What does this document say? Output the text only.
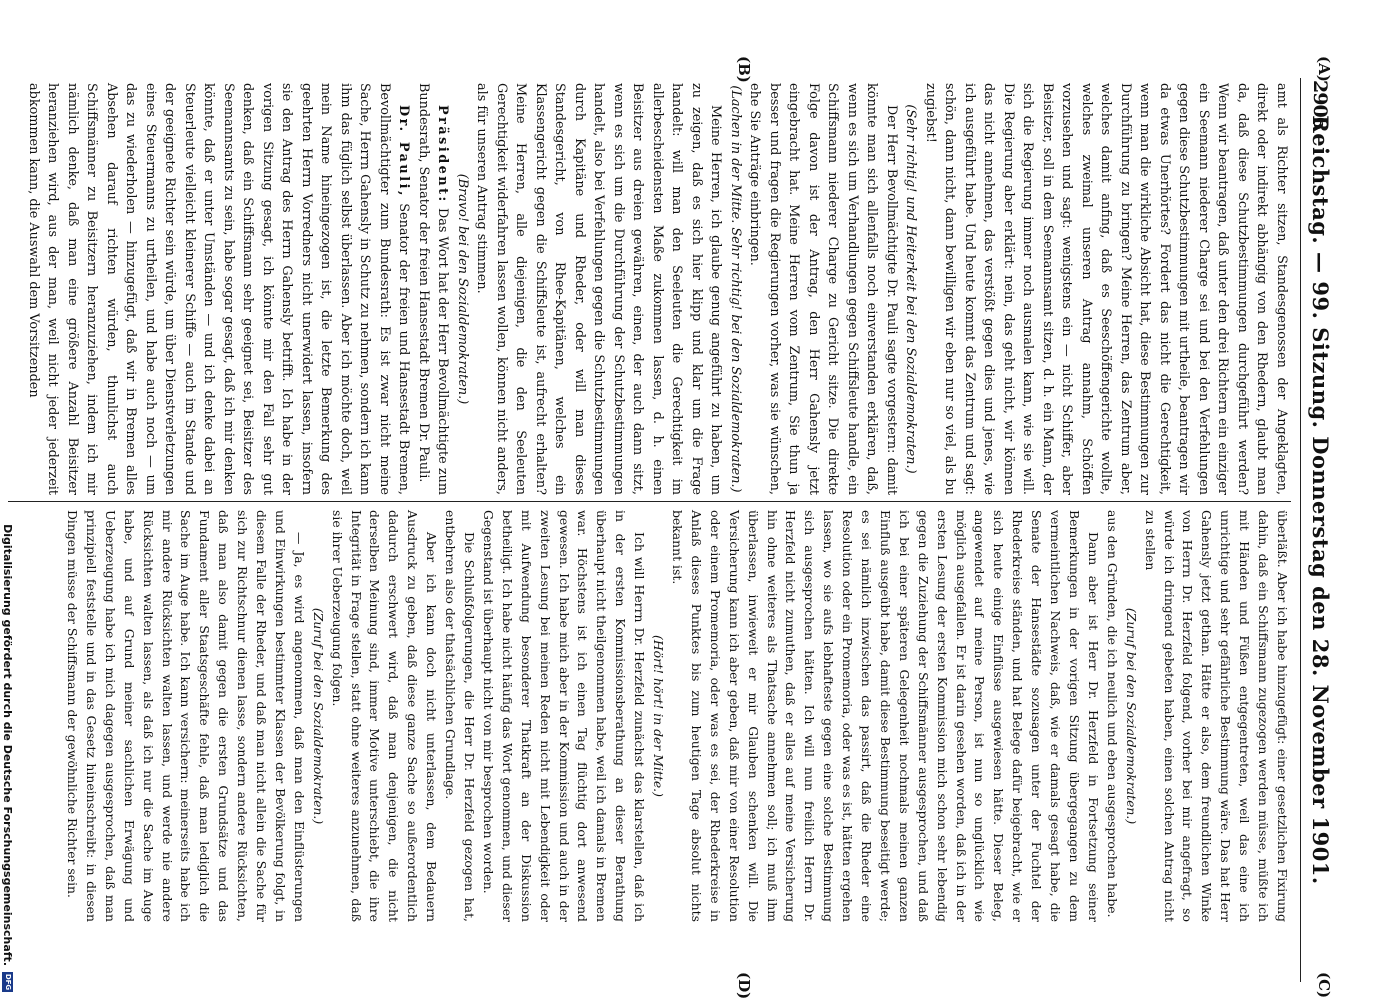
2906
Reichstag. — 99. Sitzung. Donnerstag den 28. November 1901.
(A)
(B)
(C)
(D)

amt als Richter sitzen, Standesgenossen der Angeklagten, direkt oder indirekt abhängig von den Rhedern, glaubt man da, daß diese Schutzbestimmungen durchgeführt werden? Wenn wir beantragen, daß unter den drei Richtern ein einziger ein Seemann niederer Charge sei und bei den Verfehlungen gegen diese Schutzbestimmungen mit urtheile, beantragen wir da etwas Unerhörtes? Fordert das nicht die Gerechtigkeit, wenn man die wirkliche Absicht hat, diese Bestimmungen zur Durchführung zu bringen? Meine Herren, das Zentrum aber, welches damit anfing, daß es Seeschöffengerichte wollte, welches zweimal unseren Antrag annahm, Schöffen vorzusehen und sagt: wenigstens ein — nicht Schiffer, aber Beisitzer, soll in dem Seemannsamt sitzen, d. h. ein Mann, der sich die Regierung immer noch ausmalen kann, wie sie will. Die Regierung aber erklärt: nein, das geht nicht, wir können das nicht annehmen, das verstößt gegen dies und jenes, wie ich ausgeführt habe. Und heute kommt das Zentrum und sagt: schön, dann nicht, dann bewilligen wir eben nur so viel, als bu zugiebst!

(Sehr richtig! und Heiterkeit bei den Sozialdemokraten.)

Der Herr Bevollmächtigte Dr. Pauli sagte vorgestern: damit könnte man sich allenfalls noch einverstanden erklären, daß, wenn es sich um Verhandlungen gegen Schiffsleute handle, ein Schiffsmann niederer Charge zu Gericht sitze. Die direkte Folge davon ist der Antrag, den Herr Gahensly jetzt eingebracht hat. Meine Herren vom Zentrum, Sie thun ja besser und fragen die Regierungen vorher, was sie wünschen, ehe Sie Anträge einbringen.

(Lachen in der Mitte. Sehr richtig! bei den Sozialdemokraten.)

Meine Herren, ich glaube genug angeführt zu haben, um zu zeigen, daß es sich hier klipp und klar um die Frage handelt: will man den Seeleuten die Gerechtigkeit im allerbescheidensten Maße zukommen lassen, d. h. einen Beisitzer aus dreien gewähren, einen, der auch dann sitzt, wenn es sich um die Durchführung der Schutzbestimmungen handelt, also bei Verfehlungen gegen die Schutzbestimmungen durch Kapitäne und Rheder, oder will man dieses Standesgericht, von Rhee-Kapitänen, welches ein Klassengericht gegen die Schiffsleute ist, aufrecht erhalten? Meine Herren, alle diejenigen, die den Seeleuten Gerechtigkeit widerfahren lassen wollen, können nicht anders, als für unseren Antrag stimmen.

(Bravo! bei den Sozialdemokraten.)

Präsident: Das Wort hat der Herr Bevollmächtigte zum Bundesrath, Senator der freien Hansestadt Bremen Dr. Pauli.

Dr. Pauli, Senator der freien und Hansestadt Bremen, Bevollmächtigter zum Bundesrath: Es ist zwar nicht meine Sache, Herrn Gahensly in Schutz zu nehmen, sondern ich kann ihm das füglich selbst überlassen. Aber ich möchte doch, weil mein Name hineingezogen ist, die letzte Bemerkung des geehrten Herrn Vorredners nicht unerwidert lassen, insofern sie den Antrag des Herrn Gahensly betrifft. Ich habe in der vorigen Sitzung gesagt, ich könnte mir den Fall sehr gut denken, daß ein Schiffsmann sehr geeignet sei, Beisitzer des Seemannsamts zu sein, habe sogar gesagt, daß ich mir denken könnte, daß er unter Umständen — und ich denke dabei an Steuerleute vielleicht kleinerer Schiffe — auch im Stande und der geeignete Richter sein würde, um über Dienstverletzungen eines Steuermanns zu urtheilen, und habe auch noch — um das zu wiederholen — hinzugefügt, daß wir in Bremen alles Absehen darauf richten würden, thunlichst auch Schiffsmänner zu Beisitzern heranzuziehen, indem ich mir nämlich denke, daß man eine größere Anzahl Beisitzer heranziehen wird, aus der man, weil nicht jeder jederzeit abkommen kann, die Auswahl dem Vorsitzenden

überläßt. Aber ich habe hinzugefügt: einer gesetzlichen Fixirung dahin, daß ein Schiffsmann zugezogen werden müsse, müßte ich mit Händen und Füßen entgegentreten, weil das eine ich unrichtige und sehr gefährliche Bestimmung wäre. Das hat Herr Gahensly jetzt gethan. Hätte er also, dem freundlichen Winke von Herrn Dr. Herzfeld folgend, vorher bei mir angefragt, so würde ich dringend gebeten haben, einen solchen Antrag nicht zu stellen

(Zuruf bei den Sozialdemokraten.)

aus den Gründen, die ich neulich und eben ausgesprochen habe.

Dann aber ist Herr Dr. Herzfeld in Fortsetzung seiner Bemerkungen in der vorigen Sitzung übergegangen zu dem vermeintlichen Nachweis, daß, wie er damals gesagt habe, die Senate der Hansestädte sozusagen unter der Fuchtel der Rhederkreise ständen, und hat Belege dafür beigebracht, wie er sich heute einige Einflüsse ausgewiesen hätte. Dieser Beleg, angewendet auf meine Person, ist nun so unglücklich wie möglich ausgefallen. Er ist darin gesehen worden, daß ich in der ersten Lesung der ersten Kommission mich schon sehr lebendig gegen die Zuziehung der Schiffsmänner ausgesprochen, und daß ich bei einer späteren Gelegenheit nochmals meinen ganzen Einfluß ausgeübt habe, damit diese Bestimmung beseitigt werde; es sei nämlich inzwischen das passirt, daß die Rheder eine Resolution oder ein Promemoria, oder was es ist, hätten ergehen lassen, wo sie aufs lebhafteste gegen eine solche Bestimmung sich ausgesprochen hätten. Ich will nun freilich Herrn Dr. Herzfeld nicht zumuthen, daß er alles auf meine Versicherung hin ohne weiteres als Thatsache annehmen soll; ich muß ihm überlassen, inwieweit er mir Glauben schenken will. Die Versicherung kann ich aber geben, daß mir von einer Resolution oder einem Promemoria, oder was es sei, der Rhederkreise in Anlaß dieses Punktes bis zum heutigen Tage absolut nichts bekannt ist.

(Hört! hört! in der Mitte.)

Ich will Herrn Dr. Herzfeld zunächst das klarstellen, daß ich in der ersten Kommissionsberathung an dieser Berathung überhaupt nicht theilgenommen habe, weil ich damals in Bremen war. Höchstens ist ich einen Tag flüchtig dort anwesend gewesen. Ich habe mich aber in der Kommission und auch in der zweiten Lesung bei meinen Reden nicht mit Lebendigkeit oder mit Aufwendung besonderer Thatkraft an der Diskussion betheiligt. Ich habe nicht häufig das Wort genommen, und dieser Gegenstand ist überhaupt nicht von mir besprochen worden.

Die Schlußfolgerungen, die Herr Dr. Herzfeld gezogen hat, entbehren also der thatsächlichen Grundlage.

Aber ich kann doch nicht unterlassen, dem Bedauern Ausdruck zu geben, daß diese ganze Sache so außerordentlich dadurch erschwert wird, daß man denjenigen, die nicht derselben Meinung sind, immer Motive unterschiebt, die ihre Integrität in Frage stellen, statt ohne weiteres anzunehmen, daß sie ihrer Ueberzeugung folgen.

(Zuruf bei den Sozialdemokraten.)

— Ja, es wird angenommen, daß man den Einflüsterungen und Einwirkungen bestimmter Klassen der Bevölkerung folgt, in diesem Falle der Rheder, und daß man nicht allein die Sache für sich zur Richtschnur dienen lasse, sondern andere Rücksichten, daß man also damit gegen die ersten Grundsätze und das Fundament aller Staatsgeschäfte fehle, daß man lediglich die Sache im Auge habe. Ich kann versichern: meinerseits habe ich mir andere Rücksichten walten lassen, und werde nie andere Rücksichten walten lassen, als daß ich nur die Sache im Auge habe, und auf Grund meiner sachlichen Erwägung und Ueberzeugung habe ich mich dagegen ausgesprochen, daß man prinzipiell feststelle und in das Gesetz hineinschreibt: in diesen Dingen müsse der Schiffsmann der gewöhnliche Richter sein.

Digitalisierung gefördert durch die Deutsche Forschungsgemeinschaft.
DFG
